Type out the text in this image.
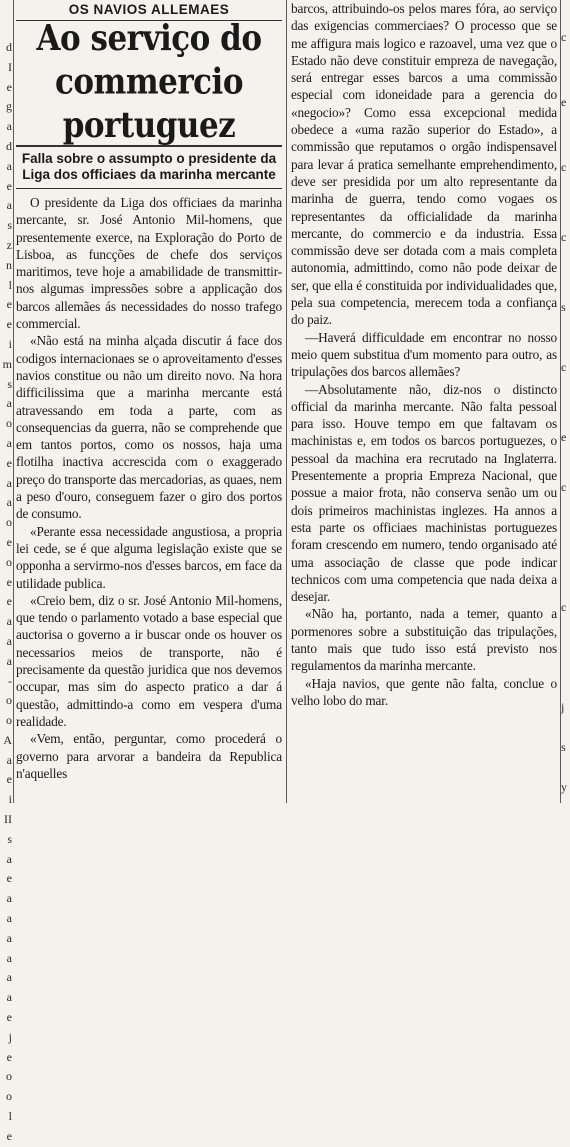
d
I
e
g
a
d
a
e
a
s
z
n
l
e
e
i
m
s
a
o
a
e
a
a
o
e
o
e
e
a
a
a
-
o
o
A
a
e
i
II
s
a
e
a
a
a
a
a
a
e
j
e
o
o
l
e
OS NAVIOS ALLEMAES
Ao serviço do commercio
portuguez
Falla sobre o assumpto o presidente da Liga dos officiaes da marinha mercante

O presidente da Liga dos officiaes da marinha mercante, sr. José Antonio Mil-homens, que presentemente exerce, na Exploração do Porto de Lisboa, as funcções de chefe dos serviços maritimos, teve hoje a amabilidade de transmittir-nos algumas impressões sobre a applicação dos barcos allemães ás necessidades do nosso trafego commercial.

«Não está na minha alçada discutir á face dos codigos internacionaes se o aproveitamento d'esses navios constitue ou não um direito novo. Na hora difficilissima que a marinha mercante está atravessando em toda a parte, com as consequencias da guerra, não se comprehende que em tantos portos, como os nossos, haja uma flotilha inactiva accrescida com o exaggerado preço do transporte das mercadorias, as quaes, nem a peso d'ouro, conseguem fazer o giro dos portos de consumo.

«Perante essa necessidade angustiosa, a propria lei cede, se é que alguma legislação existe que se opponha a servirmo-nos d'esses barcos, em face da utilidade publica.

«Creio bem, diz o sr. José Antonio Mil-homens, que tendo o parlamento votado a base especial que auctorisa o governo a ir buscar onde os houver os necessarios meios de transporte, não é precisamente da questão juridica que nos devemos occupar, mas sim do aspecto pratico a dar á questão, admittindo-a como em vespera d'uma realidade.

«Vem, então, perguntar, como procederá o governo para arvorar a bandeira da Republica n'aquelles

barcos, attribuindo-os pelos mares fóra, ao serviço das exigencias commerciaes? O processo que se me affigura mais logico e razoavel, uma vez que o Estado não deve constituir empreza de navegação, será entregar esses barcos a uma commissão especial com idoneidade para a gerencia do «negocio»? Como essa excepcional medida obedece a «uma razão superior do Estado», a commissão que reputamos o orgão indispensavel para levar á pratica semelhante emprehendimento, deve ser presidida por um alto representante da marinha de guerra, tendo como vogaes os representantes da officialidade da marinha mercante, do commercio e da industria. Essa commissão deve ser dotada com a mais completa autonomia, admittindo, como não pode deixar de ser, que ella é constituida por individualidades que, pela sua competencia, merecem toda a confiança do paiz.

—Haverá difficuldade em encontrar no nosso meio quem substitua d'um momento para outro, as tripulações dos barcos allemães?

—Absolutamente não, diz-nos o distincto official da marinha mercante. Não falta pessoal para isso. Houve tempo em que faltavam os machinistas e, em todos os barcos portuguezes, o pessoal da machina era recrutado na Inglaterra. Presentemente a propria Empreza Nacional, que possue a maior frota, não conserva senão um ou dois primeiros machinistas inglezes. Ha annos a esta parte os officiaes machinistas portuguezes foram crescendo em numero, tendo organisado até uma associação de classe que pode indicar technicos com uma competencia que nada deixa a desejar.

«Não ha, portanto, nada a temer, quanto a pormenores sobre a substituição das tripulações, tanto mais que tudo isso está previsto nos regulamentos da marinha mercante.

«Haja navios, que gente não falta, conclue o velho lobo do mar.

c
e
c
c
s
c
e
c
c
j
s
y
